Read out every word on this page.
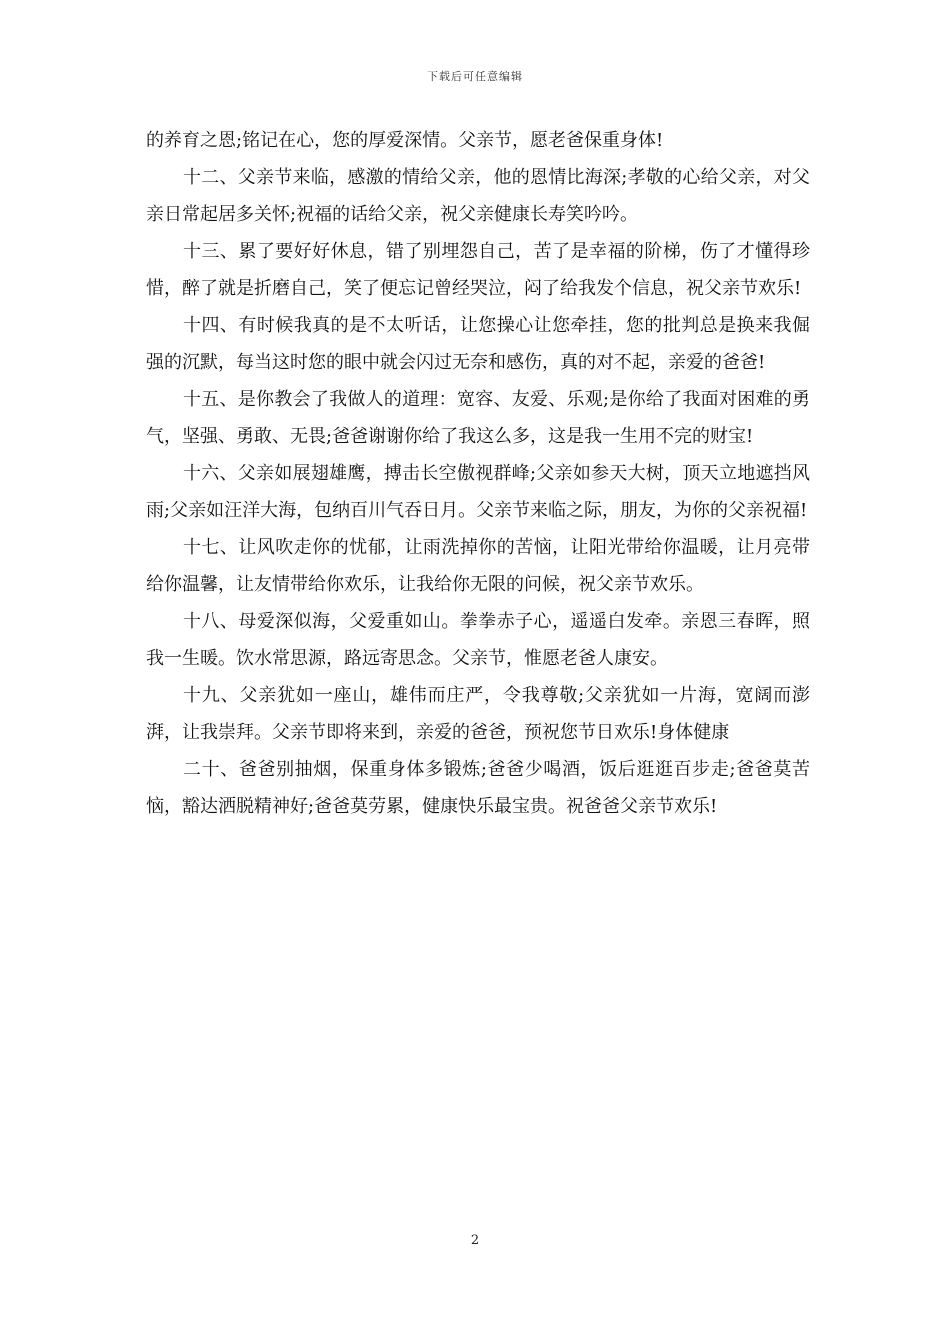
下载后可任意编辑

的养育之恩;铭记在心，您的厚爱深情。父亲节，愿老爸保重身体!

十二、父亲节来临，感激的情给父亲，他的恩情比海深;孝敬的心给父亲，对父亲日常起居多关怀;祝福的话给父亲，祝父亲健康长寿笑吟吟。

十三、累了要好好休息，错了别埋怨自己，苦了是幸福的阶梯，伤了才懂得珍惜，醉了就是折磨自己，笑了便忘记曾经哭泣，闷了给我发个信息，祝父亲节欢乐!

十四、有时候我真的是不太听话，让您操心让您牵挂，您的批判总是换来我倔强的沉默，每当这时您的眼中就会闪过无奈和感伤，真的对不起，亲爱的爸爸!

十五、是你教会了我做人的道理：宽容、友爱、乐观;是你给了我面对困难的勇气，坚强、勇敢、无畏;爸爸谢谢你给了我这么多，这是我一生用不完的财宝!

十六、父亲如展翅雄鹰，搏击长空傲视群峰;父亲如参天大树，顶天立地遮挡风雨;父亲如汪洋大海，包纳百川气吞日月。父亲节来临之际，朋友，为你的父亲祝福!

十七、让风吹走你的忧郁，让雨洗掉你的苦恼，让阳光带给你温暖，让月亮带给你温馨，让友情带给你欢乐，让我给你无限的问候，祝父亲节欢乐。

十八、母爱深似海，父爱重如山。拳拳赤子心，遥遥白发牵。亲恩三春晖，照我一生暖。饮水常思源，路远寄思念。父亲节，惟愿老爸人康安。

十九、父亲犹如一座山，雄伟而庄严，令我尊敬;父亲犹如一片海，宽阔而澎湃，让我崇拜。父亲节即将来到，亲爱的爸爸，预祝您节日欢乐!身体健康

二十、爸爸别抽烟，保重身体多锻炼;爸爸少喝酒，饭后逛逛百步走;爸爸莫苦恼，豁达洒脱精神好;爸爸莫劳累，健康快乐最宝贵。祝爸爸父亲节欢乐!

2
